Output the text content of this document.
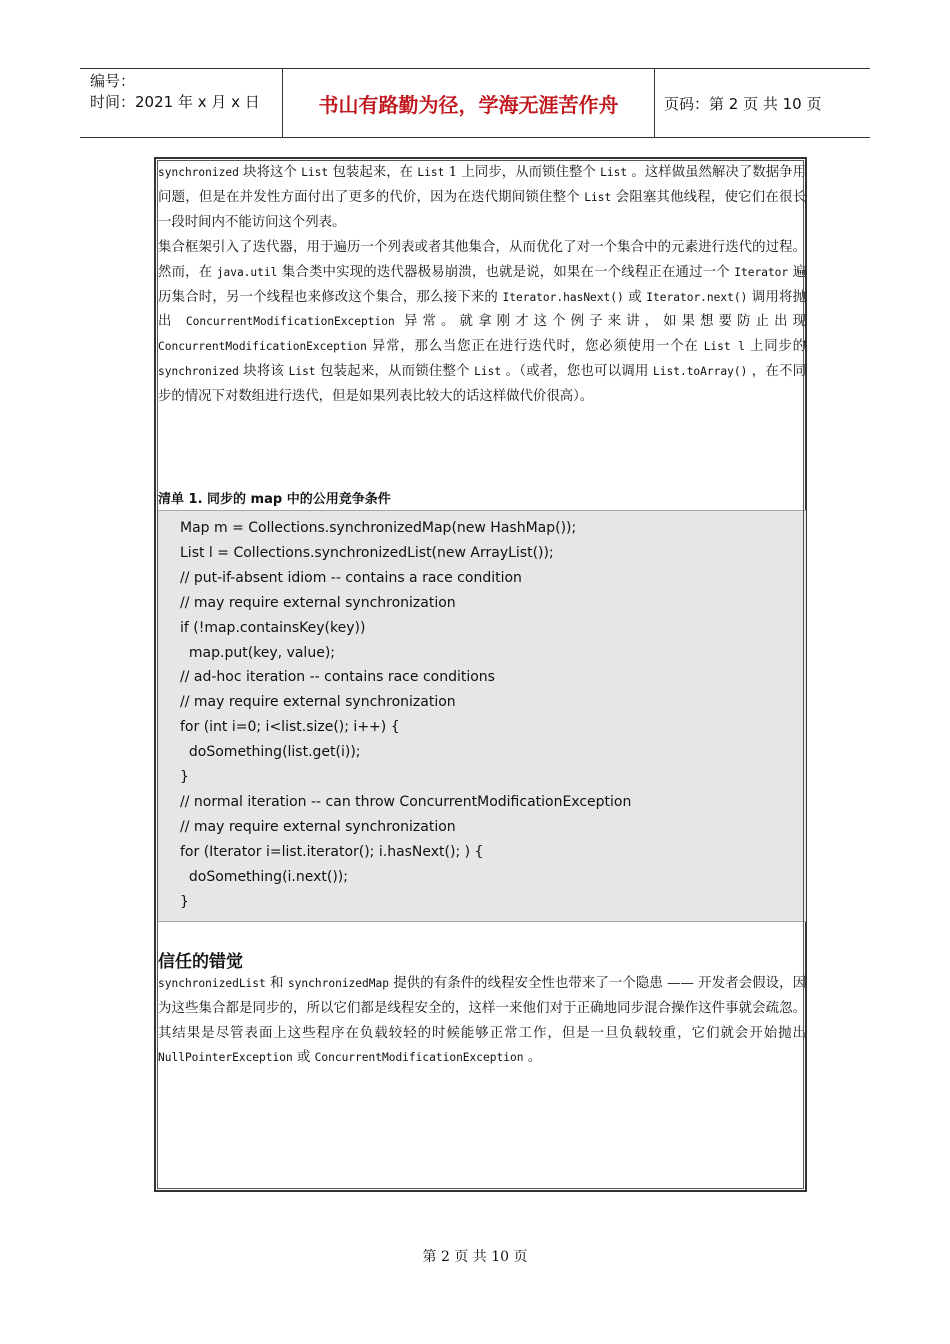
编号：
时间：2021 年 x 月 x 日	书山有路勤为径，学海无涯苦作舟	页码：第 2 页 共 10 页
synchronized 块将这个 List 包装起来，在 List 1 上同步，从而锁住整个 List 。这样做虽然解决了数据争用问题，但是在并发性方面付出了更多的代价，因为在迭代期间锁住整个 List 会阻塞其他线程，使它们在很长一段时间内不能访问这个列表。
集合框架引入了迭代器，用于遍历一个列表或者其他集合，从而优化了对一个集合中的元素进行迭代的过程。然而，在 java.util 集合类中实现的迭代器极易崩溃，也就是说，如果在一个线程正在通过一个 Iterator 遍历集合时，另一个线程也来修改这个集合，那么接下来的 Iterator.hasNext() 或 Iterator.next() 调用将抛出 ConcurrentModificationException 异常。就拿刚才这个例子来讲，如果想要防止出现 ConcurrentModificationException 异常，那么当您正在进行迭代时，您必须使用一个在 List l 上同步的 synchronized 块将该 List 包装起来，从而锁住整个 List 。（或者，您也可以调用 List.toArray() ，在不同步的情况下对数组进行迭代，但是如果列表比较大的话这样做代价很高）。
清单 1. 同步的 map 中的公用竞争条件
Map m = Collections.synchronizedMap(new HashMap());
List l = Collections.synchronizedList(new ArrayList());
// put-if-absent idiom -- contains a race condition
// may require external synchronization
if (!map.containsKey(key))
map.put(key, value);
// ad-hoc iteration -- contains race conditions
// may require external synchronization
for (int i=0; i<list.size(); i++) {
doSomething(list.get(i));
}
// normal iteration -- can throw ConcurrentModificationException
// may require external synchronization
for (Iterator i=list.iterator(); i.hasNext(); ) {
doSomething(i.next());
}
信任的错觉
synchronizedList 和 synchronizedMap 提供的有条件的线程安全性也带来了一个隐患 —— 开发者会假设，因为这些集合都是同步的，所以它们都是线程安全的，这样一来他们对于正确地同步混合操作这件事就会疏忽。其结果是尽管表面上这些程序在负载较轻的时候能够正常工作，但是一旦负载较重，它们就会开始抛出 NullPointerException 或 ConcurrentModificationException 。
第 2 页 共 10 页
